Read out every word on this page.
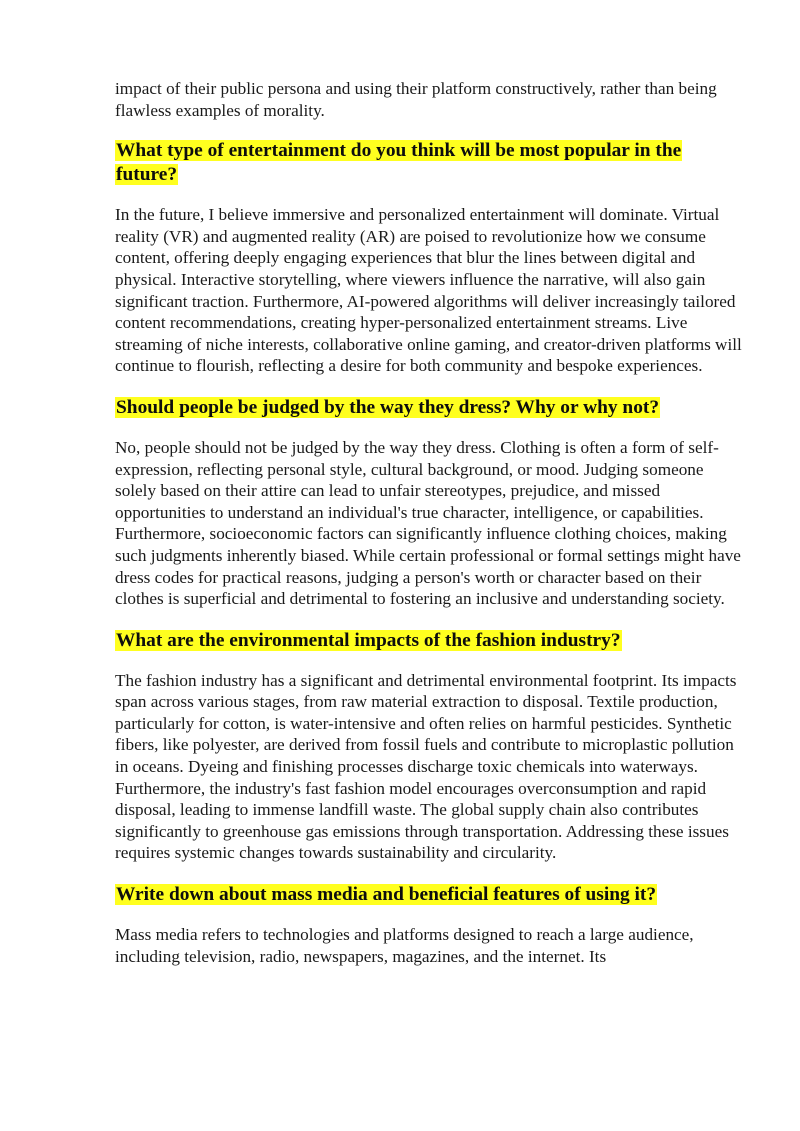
impact of their public persona and using their platform constructively, rather than being flawless examples of morality.

What type of entertainment do you think will be most popular in the future?

In the future, I believe immersive and personalized entertainment will dominate. Virtual reality (VR) and augmented reality (AR) are poised to revolutionize how we consume content, offering deeply engaging experiences that blur the lines between digital and physical. Interactive storytelling, where viewers influence the narrative, will also gain significant traction. Furthermore, AI-powered algorithms will deliver increasingly tailored content recommendations, creating hyper-personalized entertainment streams. Live streaming of niche interests, collaborative online gaming, and creator-driven platforms will continue to flourish, reflecting a desire for both community and bespoke experiences.

Should people be judged by the way they dress? Why or why not?

No, people should not be judged by the way they dress. Clothing is often a form of self-expression, reflecting personal style, cultural background, or mood. Judging someone solely based on their attire can lead to unfair stereotypes, prejudice, and missed opportunities to understand an individual's true character, intelligence, or capabilities. Furthermore, socioeconomic factors can significantly influence clothing choices, making such judgments inherently biased. While certain professional or formal settings might have dress codes for practical reasons, judging a person's worth or character based on their clothes is superficial and detrimental to fostering an inclusive and understanding society.

What are the environmental impacts of the fashion industry?

The fashion industry has a significant and detrimental environmental footprint. Its impacts span across various stages, from raw material extraction to disposal. Textile production, particularly for cotton, is water-intensive and often relies on harmful pesticides. Synthetic fibers, like polyester, are derived from fossil fuels and contribute to microplastic pollution in oceans. Dyeing and finishing processes discharge toxic chemicals into waterways. Furthermore, the industry's fast fashion model encourages overconsumption and rapid disposal, leading to immense landfill waste. The global supply chain also contributes significantly to greenhouse gas emissions through transportation. Addressing these issues requires systemic changes towards sustainability and circularity.

Write down about mass media and beneficial features of using it?

Mass media refers to technologies and platforms designed to reach a large audience, including television, radio, newspapers, magazines, and the internet. Its
